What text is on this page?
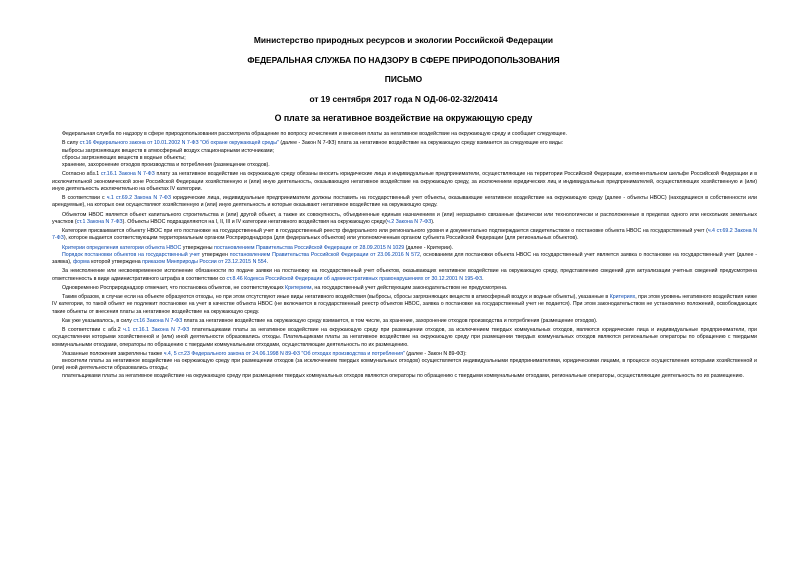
Министерство природных ресурсов и экологии Российской Федерации
ФЕДЕРАЛЬНАЯ СЛУЖБА ПО НАДЗОРУ В СФЕРЕ ПРИРОДОПОЛЬЗОВАНИЯ
ПИСЬМО
от 19 сентября 2017 года N ОД-06-02-32/20414
О плате за негативное воздействие на окружающую среду

Федеральная служба по надзору в сфере природопользования рассмотрела обращение по вопросу исчисления и внесения платы за негативное воздействие на окружающую среду и сообщает следующее.

В силу ст.16 Федерального закона от 10.01.2002 N 7-ФЗ "Об охране окружающей среды" (далее - Закон N 7-ФЗ) плата за негативное воздействие на окружающую среду взимается за следующие его виды:

выбросы загрязняющих веществ в атмосферный воздух стационарными источниками;

сбросы загрязняющих веществ в водные объекты;

хранение, захоронение отходов производства и потребления (размещение отходов).

Согласно абз.1 ст.16.1 Закона N 7-ФЗ плату за негативное воздействие на окружающую среду обязаны вносить юридические лица и индивидуальные предприниматели, осуществляющие на территории Российской Федерации, континентальном шельфе Российской Федерации и в исключительной экономической зоне Российской Федерации хозяйственную и (или) иную деятельность, оказывающую негативное воздействие на окружающую среду, за исключением юридических лиц и индивидуальных предпринимателей, осуществляющих хозяйственную и (или) иную деятельность исключительно на объектах IV категории.

В соответствии с ч.1 ст.69.2 Закона N 7-ФЗ юридические лица, индивидуальные предприниматели должны поставить на государственный учет объекты, оказывающие негативное воздействие на окружающую среду (далее - объекты НВОС) (находящиеся в собственности или арендуемые), на которых они осуществляют хозяйственную и (или) иную деятельность и которые оказывают негативное воздействие на окружающую среду.

Объектом НВОС является объект капитального строительства и (или) другой объект, а также их совокупность, объединенные единым назначением и (или) неразрывно связанные физически или технологически и расположенные в пределах одного или нескольких земельных участков (ст.1 Закона N 7-ФЗ). Объекты НВОС подразделяются на I, II, III и IV категории негативного воздействия на окружающую среду(ч.2 Закона N 7-ФЗ).

Категория присваивается объекту НВОС при его постановке на государственный учет в государственный реестр федерального или регионального уровня и документально подтверждается свидетельством о постановке объекта НВОС на государственный учет (ч.4 ст.69.2 Закона N 7-ФЗ), которое выдается соответствующим территориальным органом Росприроднадзора (для федеральных объектов) или уполномоченным органом субъекта Российской Федерации (для региональных объектов).

Критерии определения категории объекта НВОС утверждены постановлением Правительства Российской Федерации от 28.09.2015 N 1029 (далее - Критерии).

Порядок постановки объектов на государственный учет утвержден постановлением Правительства Российской Федерации от 23.06.2016 N 572, основанием для постановки объекта НВОС на государственный учет является заявка о постановке на государственный учет (далее - заявка), форма которой утверждена приказом Минприроды России от 23.12.2015 N 554.

За неисполнение или несвоевременное исполнение обязанности по подаче заявки на постановку на государственный учет объектов, оказывающих негативное воздействие на окружающую среду, представлению сведений для актуализации учетных сведений предусмотрена ответственность в виде административного штрафа в соответствии со ст.8.46 Кодекса Российской Федерации об административных правонарушениях от 30.12.2001 N 195-ФЗ.

Одновременно Росприроднадзор отмечает, что постановка объектов, не соответствующих Критериям, на государственный учет действующим законодательством не предусмотрена.

Таким образом, в случае если на объекте образуются отходы, но при этом отсутствуют иные виды негативного воздействия (выбросы, сбросы загрязняющих веществ в атмосферный воздух и водные объекты), указанные в Критериях, при этом уровень негативного воздействия ниже IV категории, то такой объект не подлежит постановке на учет в качестве объекта НВОС (не включается в государственный реестр объектов НВОС, заявка о постановке на государственный учет не подается). При этом законодательством не установлено положений, освобождающих такие объекты от внесения платы за негативное воздействие на окружающую среду.

Как уже указывалось, в силу ст.16 Закона N 7-ФЗ плата за негативное воздействие на окружающую среду взимается, в том числе, за хранение, захоронение отходов производства и потребления (размещение отходов).

В соответствии с абз.2 ч.1 ст.16.1 Закона N 7-ФЗ плательщиками платы за негативное воздействие на окружающую среду при размещении отходов, за исключением твердых коммунальных отходов, являются юридические лица и индивидуальные предприниматели, при осуществлении которыми хозяйственной и (или) иной деятельности образовались отходы. Плательщиками платы за негативное воздействие на окружающую среду при размещении твердых коммунальных отходов являются региональные операторы по обращению с твердыми коммунальными отходами, операторы по обращению с твердыми коммунальными отходами, осуществляющие деятельность по их размещению.

Указанные положения закреплены также ч.4, 5 ст.23 Федерального закона от 24.06.1998 N 89-ФЗ "Об отходах производства и потребления" (далее - Закон N 89-ФЗ):

вносители платы за негативное воздействие на окружающую среду при размещении отходов (за исключением твердых коммунальных отходов) осуществляется индивидуальными предпринимателями, юридическими лицами, в процессе осуществления которыми хозяйственной и (или) иной деятельности образовались отходы;

плательщиками платы за негативное воздействие на окружающую среду при размещении твердых коммунальных отходов являются операторы по обращению с твердыми коммунальными отходами, региональные операторы, осуществляющие деятельность по их размещению.
